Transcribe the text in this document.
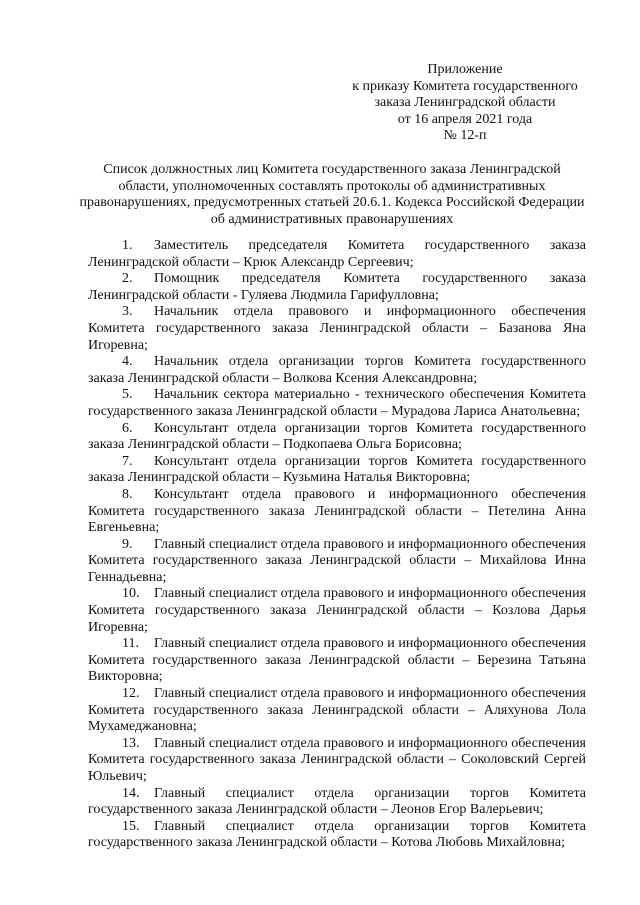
Приложение
к приказу Комитета государственного
заказа Ленинградской области
от 16 апреля 2021 года
№ 12-п
Список должностных лиц Комитета государственного заказа Ленинградской
области, уполномоченных составлять протоколы об административных
правонарушениях, предусмотренных статьей 20.6.1. Кодекса Российской Федерации
об административных правонарушениях
1. Заместитель председателя Комитета государственного заказа Ленинградской области – Крюк Александр Сергеевич;
2. Помощник председателя Комитета государственного заказа Ленинградской области - Гуляева Людмила Гарифулловна;
3. Начальник отдела правового и информационного обеспечения Комитета государственного заказа Ленинградской области – Базанова Яна Игоревна;
4. Начальник отдела организации торгов Комитета государственного заказа Ленинградской области – Волкова Ксения Александровна;
5. Начальник сектора материально - технического обеспечения Комитета государственного заказа Ленинградской области – Мурадова Лариса Анатольевна;
6. Консультант отдела организации торгов Комитета государственного заказа Ленинградской области – Подкопаева Ольга Борисовна;
7. Консультант отдела организации торгов Комитета государственного заказа Ленинградской области – Кузьмина Наталья Викторовна;
8. Консультант отдела правового и информационного обеспечения Комитета государственного заказа Ленинградской области – Петелина Анна Евгеньевна;
9. Главный специалист отдела правового и информационного обеспечения Комитета государственного заказа Ленинградской области – Михайлова Инна Геннадьевна;
10. Главный специалист отдела правового и информационного обеспечения Комитета государственного заказа Ленинградской области – Козлова Дарья Игоревна;
11. Главный специалист отдела правового и информационного обеспечения Комитета государственного заказа Ленинградской области – Березина Татьяна Викторовна;
12. Главный специалист отдела правового и информационного обеспечения Комитета государственного заказа Ленинградской области – Аляхунова Лола Мухамеджановна;
13. Главный специалист отдела правового и информационного обеспечения Комитета государственного заказа Ленинградской области – Соколовский Сергей Юльевич;
14. Главный специалист отдела организации торгов Комитета государственного заказа Ленинградской области – Леонов Егор Валерьевич;
15. Главный специалист отдела организации торгов Комитета государственного заказа Ленинградской области – Котова Любовь Михайловна;
